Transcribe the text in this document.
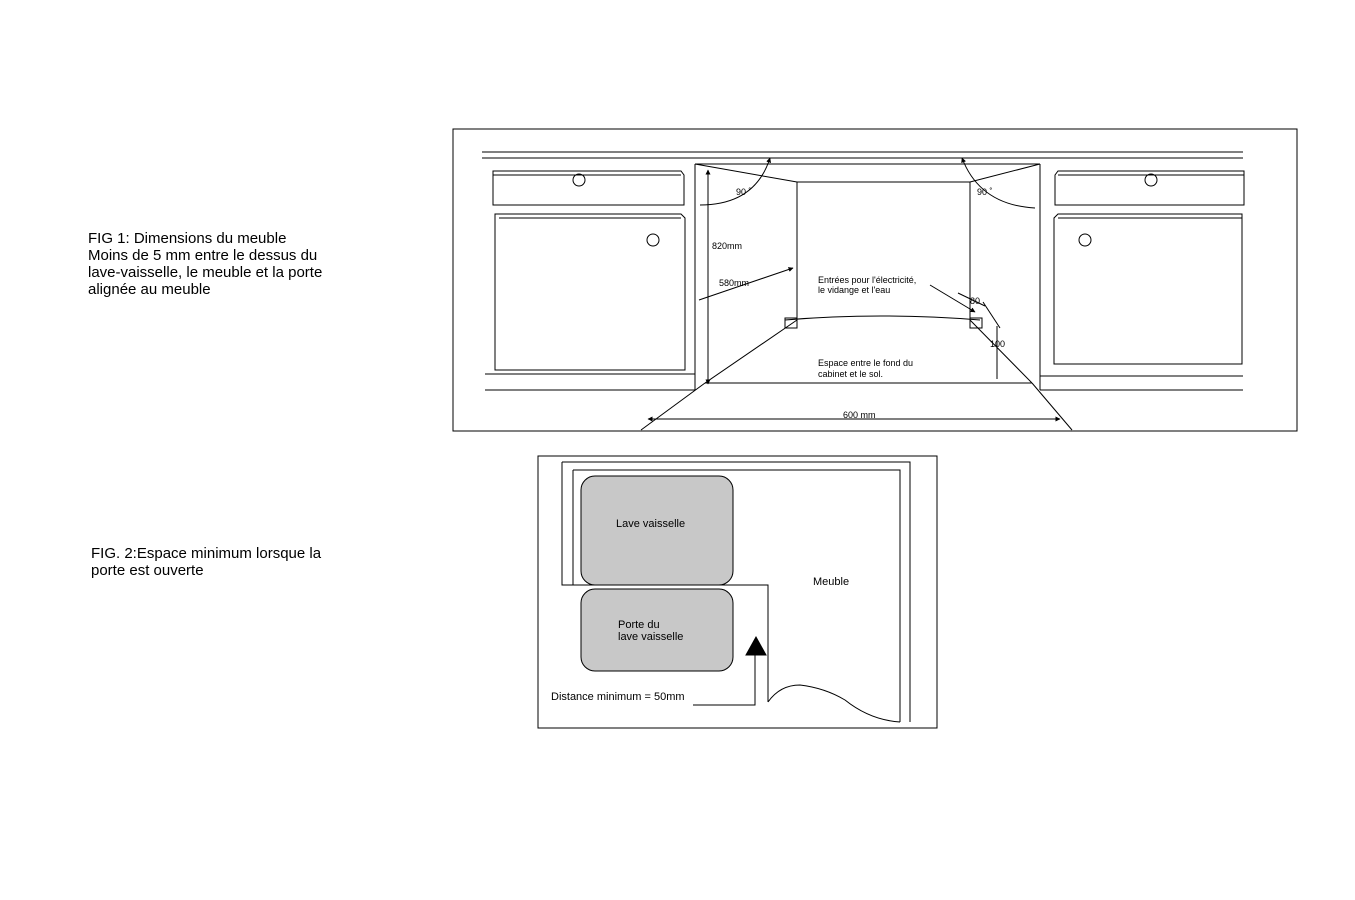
FIG 1: Dimensions du meuble
Moins de 5 mm entre le dessus du
lave-vaisselle, le meuble et la porte
alignée au meuble
FIG. 2:Espace minimum lorsque la
porte est ouverte
90 ˚	90 ˚
820mm
580mm	Entrées pour l'électricité,
le vidange et l'eau
80
100
Espace entre le fond du
cabinet et le sol.
600 mm
Lave vaisselle
Porte du
lave vaisselle
Meuble
Distance minimum = 50mm
